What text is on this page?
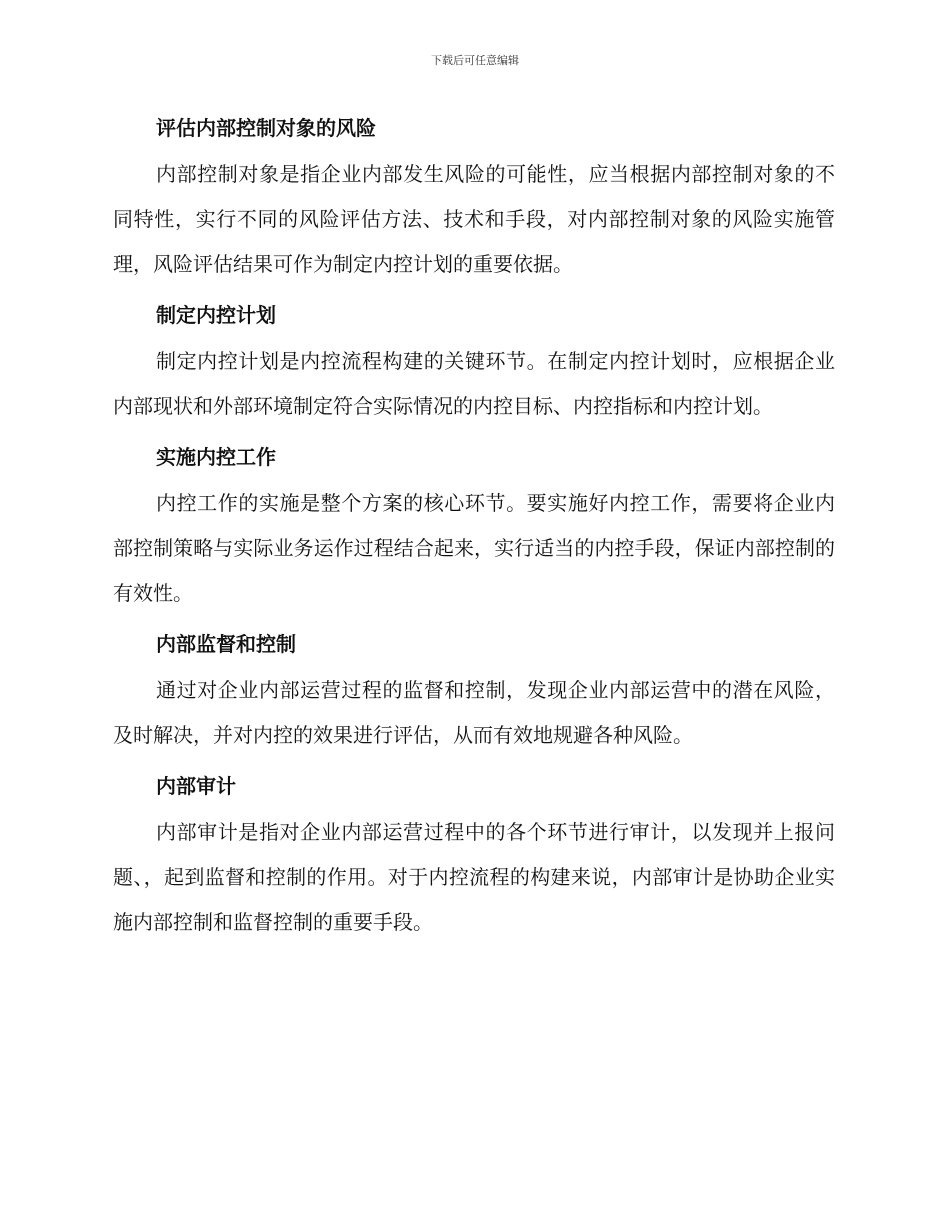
下载后可任意编辑
评估内部控制对象的风险

内部控制对象是指企业内部发生风险的可能性，应当根据内部控制对象的不同特性，实行不同的风险评估方法、技术和手段，对内部控制对象的风险实施管理，风险评估结果可作为制定内控计划的重要依据。

制定内控计划

制定内控计划是内控流程构建的关键环节。在制定内控计划时，应根据企业内部现状和外部环境制定符合实际情况的内控目标、内控指标和内控计划。

实施内控工作

内控工作的实施是整个方案的核心环节。要实施好内控工作，需要将企业内部控制策略与实际业务运作过程结合起来，实行适当的内控手段，保证内部控制的有效性。

内部监督和控制

通过对企业内部运营过程的监督和控制，发现企业内部运营中的潜在风险，及时解决，并对内控的效果进行评估，从而有效地规避各种风险。

内部审计

内部审计是指对企业内部运营过程中的各个环节进行审计，以发现并上报问题、，起到监督和控制的作用。对于内控流程的构建来说，内部审计是协助企业实施内部控制和监督控制的重要手段。
